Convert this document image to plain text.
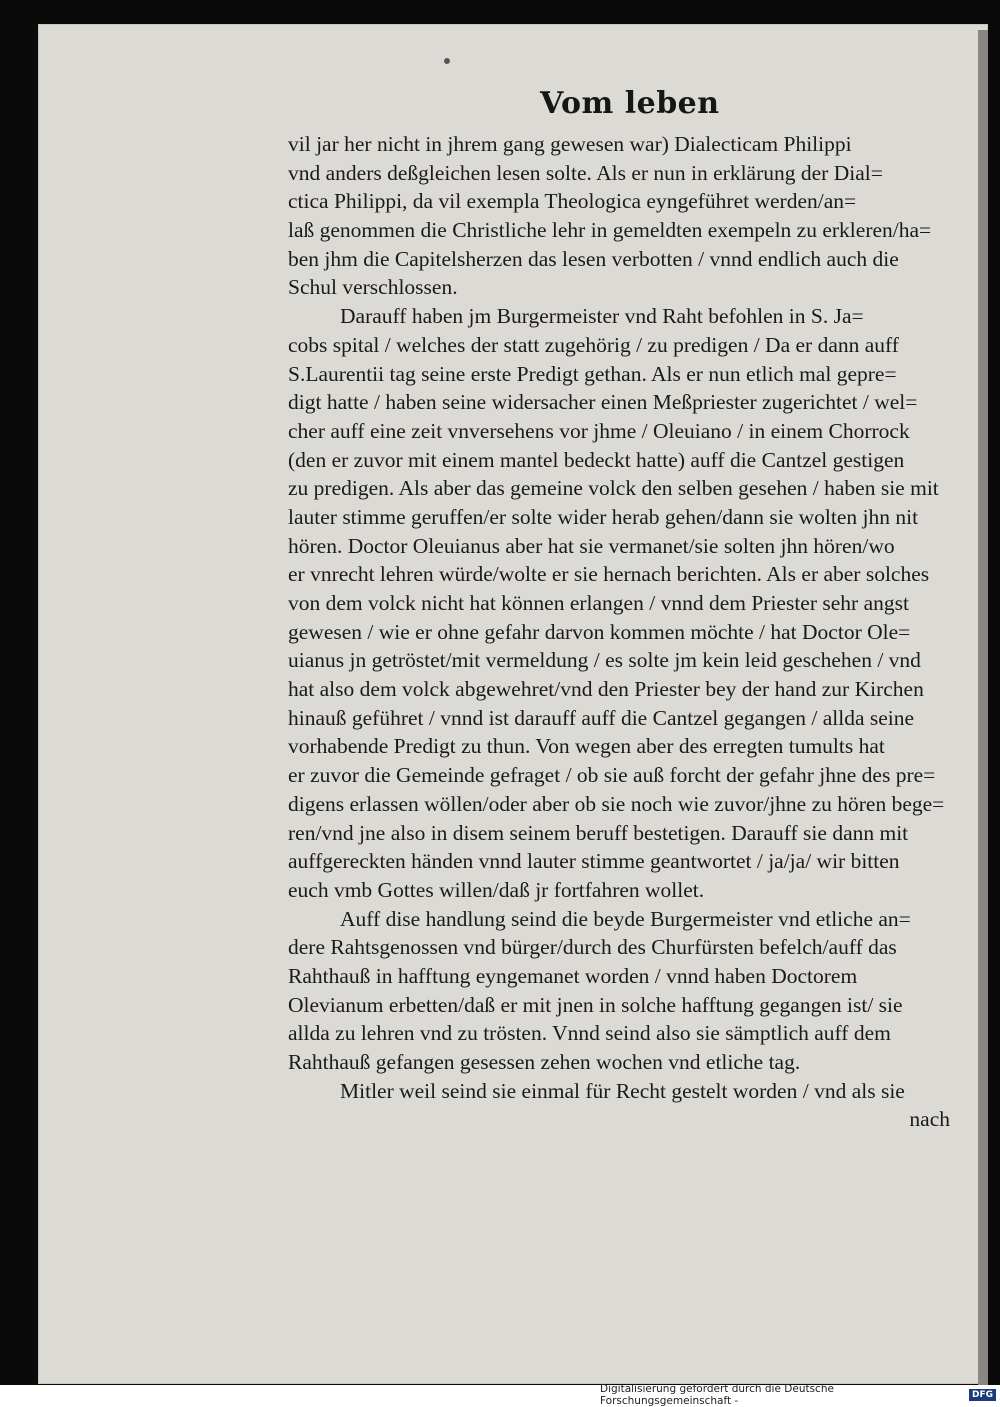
Vom leben
vil jar her nicht in jhrem gang gewesen war) Dialecticam Philippi
vnd anders deßgleichen lesen solte. Als er nun in erklärung der Dial=
ctica Philippi, da vil exempla Theologica eyngeführet werden/an=
laß genommen die Christliche lehr in gemeldten exempeln zu erkleren/ha=
ben jhm die Capitelsherzen das lesen verbotten / vnnd endlich auch die
Schul verschlossen.
Darauff haben jm Burgermeister vnd Raht befohlen in S. Ja=
cobs spital / welches der statt zugehörig / zu predigen / Da er dann auff
S.Laurentii tag seine erste Predigt gethan. Als er nun etlich mal gepre=
digt hatte / haben seine widersacher einen Meßpriester zugerichtet / wel=
cher auff eine zeit vnversehens vor jhme / Oleuiano / in einem Chorrock
(den er zuvor mit einem mantel bedeckt hatte) auff die Cantzel gestigen
zu predigen. Als aber das gemeine volck den selben gesehen / haben sie mit
lauter stimme geruffen/er solte wider herab gehen/dann sie wolten jhn nit
hören. Doctor Oleuianus aber hat sie vermanet/sie solten jhn hören/wo
er vnrecht lehren würde/wolte er sie hernach berichten. Als er aber solches
von dem volck nicht hat können erlangen / vnnd dem Priester sehr angst
gewesen / wie er ohne gefahr darvon kommen möchte / hat Doctor Ole=
uianus jn getröstet/mit vermeldung / es solte jm kein leid geschehen / vnd
hat also dem volck abgewehret/vnd den Priester bey der hand zur Kirchen
hinauß geführet / vnnd ist darauff auff die Cantzel gegangen / allda seine
vorhabende Predigt zu thun. Von wegen aber des erregten tumults hat
er zuvor die Gemeinde gefraget / ob sie auß forcht der gefahr jhne des pre=
digens erlassen wöllen/oder aber ob sie noch wie zuvor/jhne zu hören bege=
ren/vnd jne also in disem seinem beruff bestetigen. Darauff sie dann mit
auffgereckten händen vnnd lauter stimme geantwortet / ja/ja/ wir bitten
euch vmb Gottes willen/daß jr fortfahren wollet.
Auff dise handlung seind die beyde Burgermeister vnd etliche an=
dere Rahtsgenossen vnd bürger/durch des Churfürsten befelch/auff das
Rahthauß in hafftung eyngemanet worden / vnnd haben Doctorem
Olevianum erbetten/daß er mit jnen in solche hafftung gegangen ist/ sie
allda zu lehren vnd zu trösten. Vnnd seind also sie sämptlich auff dem
Rahthauß gefangen gesessen zehen wochen vnd etliche tag.
Mitler weil seind sie einmal für Recht gestelt worden / vnd als sie
nach
Digitalisierung gefördert durch die Deutsche Forschungsgemeinschaft -	DFG
